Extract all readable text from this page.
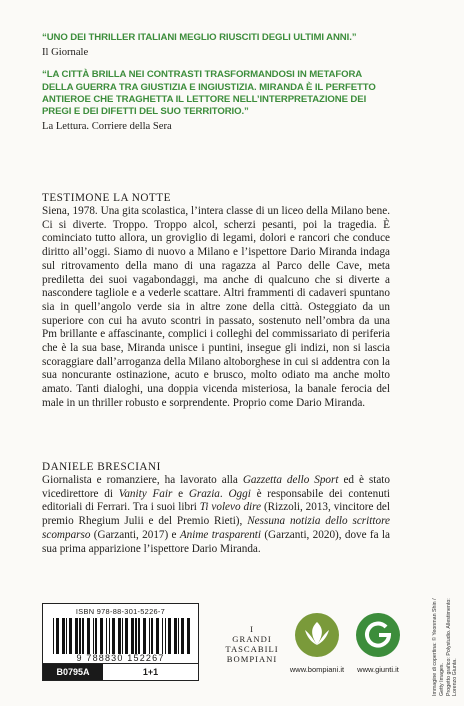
“UNO DEI THRILLER ITALIANI MEGLIO RIUSCITI DEGLI ULTIMI ANNI.”

Il Giornale

“LA CITTÀ BRILLA NEI CONTRASTI TRASFORMANDOSI IN METAFORA DELLA GUERRA TRA GIUSTIZIA E INGIUSTIZIA. MIRANDA È IL PERFETTO ANTIEROE CHE TRAGHETTA IL LETTORE NELL’INTERPRETAZIONE DEI PREGI E DEI DIFETTI DEL SUO TERRITORIO.”

La Lettura. Corriere della Sera

TESTIMONE LA NOTTE

Siena, 1978. Una gita scolastica, l’intera classe di un liceo della Milano bene. Ci si diverte. Troppo. Troppo alcol, scherzi pesanti, poi la tragedia. È cominciato tutto allora, un groviglio di legami, dolori e rancori che conduce diritto all’oggi. Siamo di nuovo a Milano e l’ispettore Dario Miranda indaga sul ritrovamento della mano di una ragazza al Parco delle Cave, meta prediletta dei suoi vagabondaggi, ma anche di qualcuno che si diverte a nascondere tagliole e a vederle scattare. Altri frammenti di cadaveri spuntano sia in quell’angolo verde sia in altre zone della città. Osteggiato da un superiore con cui ha avuto scontri in passato, sostenuto nell’ombra da una Pm brillante e affascinante, complici i colleghi del commissariato di periferia che è la sua base, Miranda unisce i puntini, insegue gli indizi, non si lascia scoraggiare dall’arroganza della Milano altoborghese in cui si addentra con la sua noncurante ostinazione, acuto e brusco, molto odiato ma anche molto amato. Tanti dialoghi, una doppia vicenda misteriosa, la banale ferocia del male in un thriller robusto e sorprendente. Proprio come Dario Miranda.

DANIELE BRESCIANI

Giornalista e romanziere, ha lavorato alla Gazzetta dello Sport ed è stato vicedirettore di Vanity Fair e Grazia. Oggi è responsabile dei contenuti editoriali di Ferrari. Tra i suoi libri Ti volevo dire (Rizzoli, 2013, vincitore del premio Rhegium Julii e del Premio Rieti), Nessuna notizia dello scrittore scomparso (Garzanti, 2017) e Anime trasparenti (Garzanti, 2020), dove fa la sua prima apparizione l’ispettore Dario Miranda.

ISBN 978-88-301-5226-7
9 788830 152267
B0795A	1+1
I
GRANDI
TASCABILI
BOMPIANI
www.bompiani.it	www.giunti.it	Immagine di copertina: © Yeonman Shin / Getty Images. Progetto grafico: Polystudio. Allestimento: Lorenzo Giunta.
